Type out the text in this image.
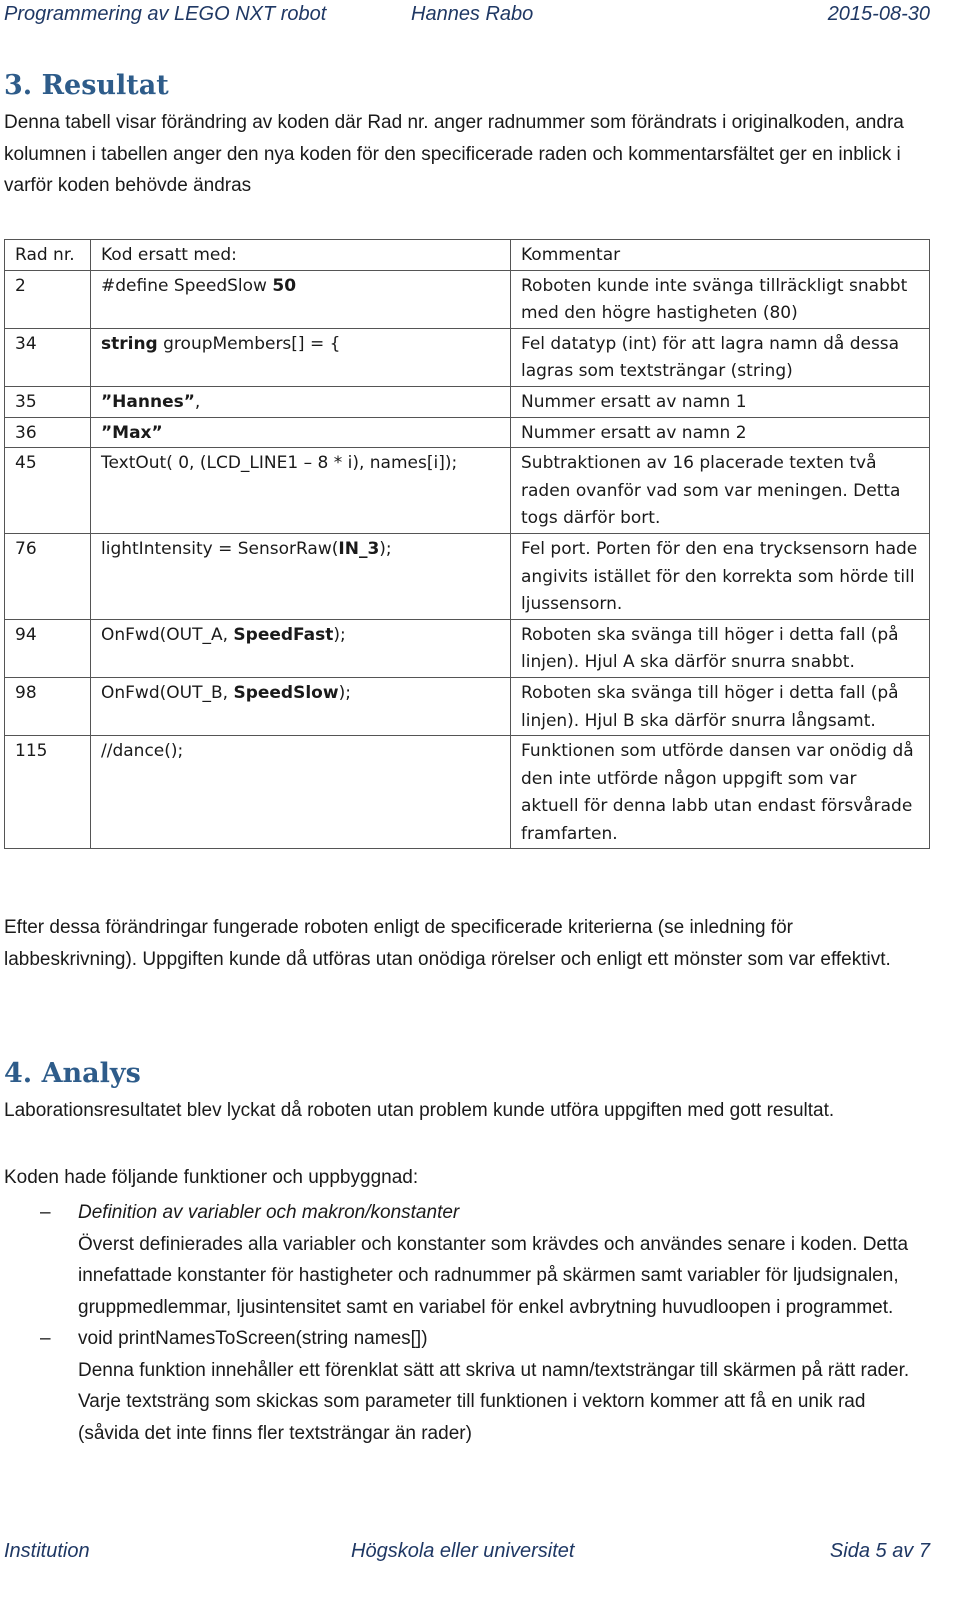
Programmering av LEGO NXT robot	Hannes Rabo	2015-08-30
3. Resultat
Denna tabell visar förändring av koden där Rad nr. anger radnummer som förändrats i originalkoden, andra kolumnen i tabellen anger den nya koden för den specificerade raden och kommentarsfältet ger en inblick i varför koden behövde ändras
Rad nr.	Kod ersatt med:	Kommentar
2	#define SpeedSlow 50	Roboten kunde inte svänga tillräckligt snabbt med den högre hastigheten (80)
34	string groupMembers[] = {	Fel datatyp (int) för att lagra namn då dessa lagras som textsträngar (string)
35	”Hannes”,	Nummer ersatt av namn 1
36	”Max”	Nummer ersatt av namn 2
45	TextOut( 0, (LCD_LINE1 – 8 * i), names[i]);	Subtraktionen av 16 placerade texten två raden ovanför vad som var meningen. Detta togs därför bort.
76	lightIntensity = SensorRaw(IN_3);	Fel port. Porten för den ena trycksensorn hade angivits istället för den korrekta som hörde till ljussensorn.
94	OnFwd(OUT_A, SpeedFast);	Roboten ska svänga till höger i detta fall (på linjen). Hjul A ska därför snurra snabbt.
98	OnFwd(OUT_B, SpeedSlow);	Roboten ska svänga till höger i detta fall (på linjen). Hjul B ska därför snurra långsamt.
115	//dance();	Funktionen som utförde dansen var onödig då den inte utförde någon uppgift som var aktuell för denna labb utan endast försvårade framfarten.
Efter dessa förändringar fungerade roboten enligt de specificerade kriterierna (se inledning för labbeskrivning). Uppgiften kunde då utföras utan onödiga rörelser och enligt ett mönster som var effektivt.
4. Analys
Laborationsresultatet blev lyckat då roboten utan problem kunde utföra uppgiften med gott resultat.
Koden hade följande funktioner och uppbyggnad:
– Definition av variabler och makron/konstanter
Överst definierades alla variabler och konstanter som krävdes och användes senare i koden. Detta innefattade konstanter för hastigheter och radnummer på skärmen samt variabler för ljudsignalen, gruppmedlemmar, ljusintensitet samt en variabel för enkel avbrytning huvudloopen i programmet.
– void printNamesToScreen(string names[])
Denna funktion innehåller ett förenklat sätt att skriva ut namn/textsträngar till skärmen på rätt rader. Varje textsträng som skickas som parameter till funktionen i vektorn kommer att få en unik rad (såvida det inte finns fler textsträngar än rader)
Institution	Högskola eller universitet	Sida 5 av 7
